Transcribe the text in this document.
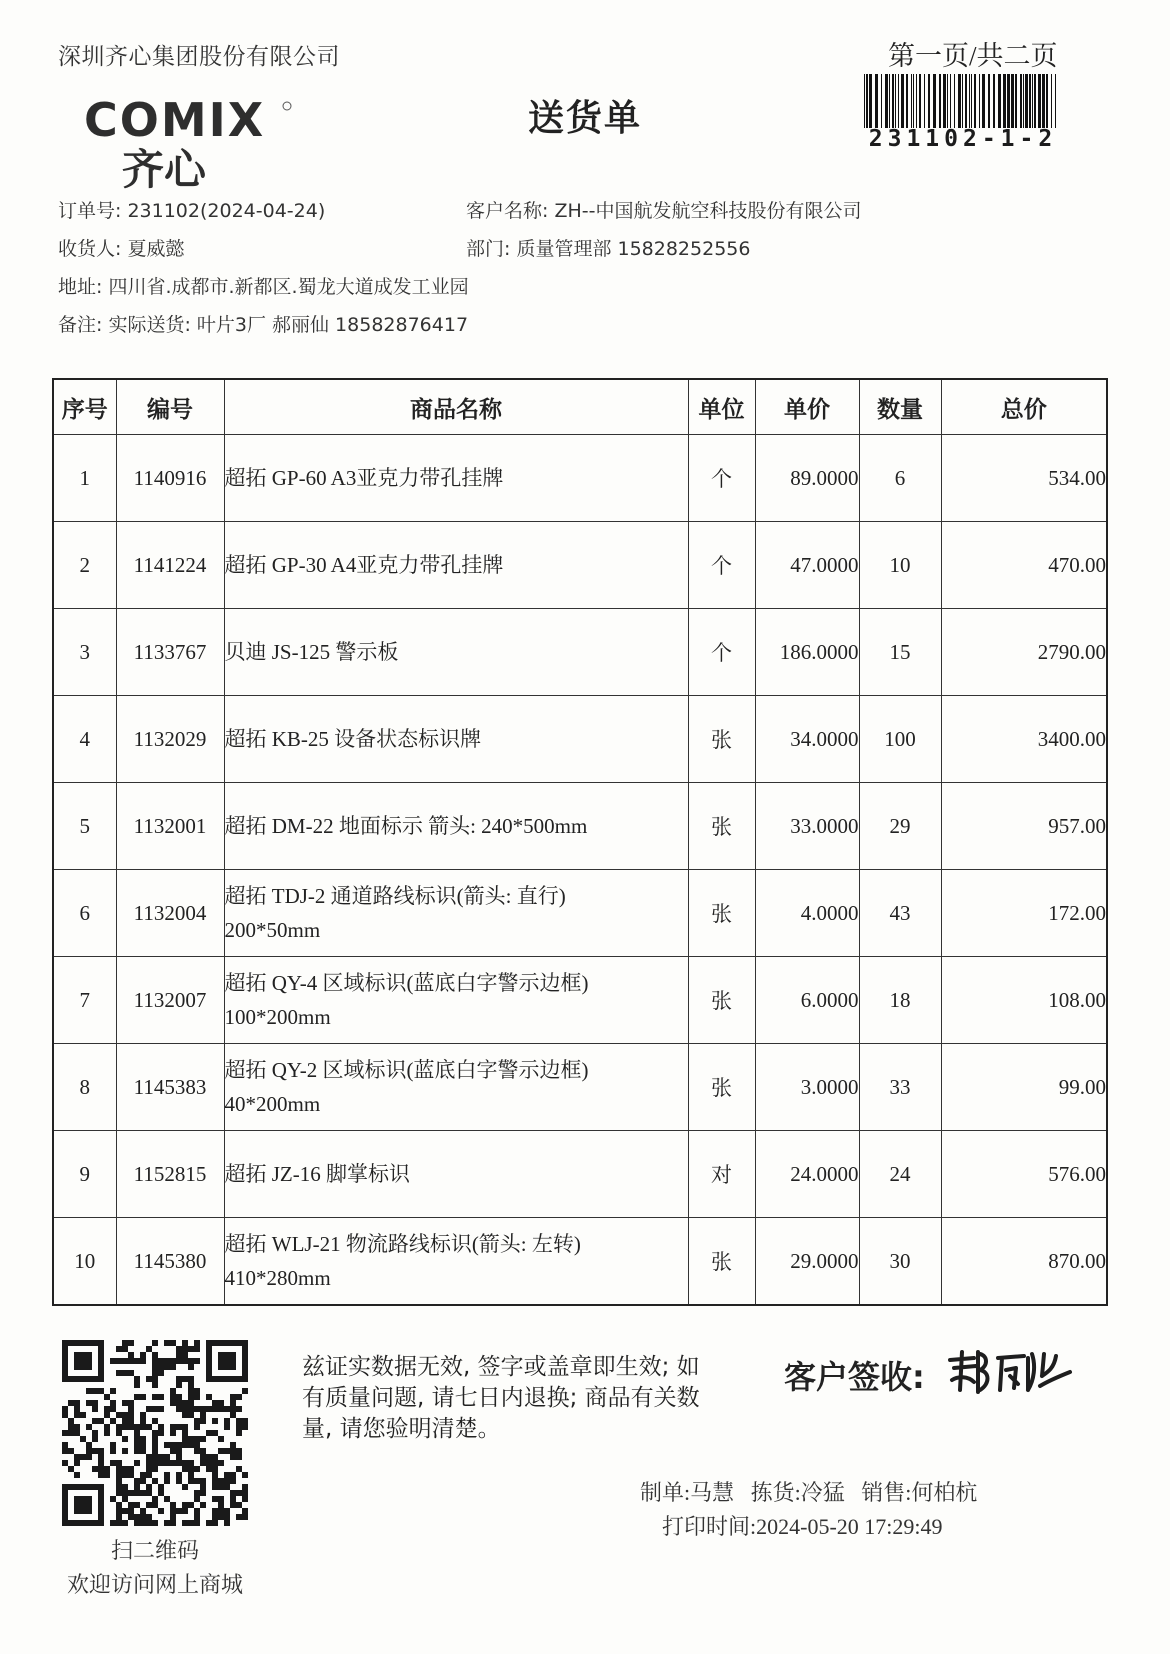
深圳齐心集团股份有限公司	第一页/共二页
COMIX
齐心
送货单	231102-1-2
订单号: 231102(2024-04-24)	客户名称: ZH--中国航发航空科技股份有限公司
收货人: 夏威懿	部门: 质量管理部 15828252556
地址: 四川省.成都市.新都区.蜀龙大道成发工业园
备注: 实际送货: 叶片3厂 郝丽仙 18582876417
序号	编号	商品名称	单位	单价	数量	总价
1	1140916	超拓 GP-60 A3亚克力带孔挂牌	个	89.0000	6	534.00
2	1141224	超拓 GP-30 A4亚克力带孔挂牌	个	47.0000	10	470.00
3	1133767	贝迪 JS-125 警示板	个	186.0000	15	2790.00
4	1132029	超拓 KB-25 设备状态标识牌	张	34.0000	100	3400.00
5	1132001	超拓 DM-22 地面标示 箭头: 240*500mm	张	33.0000	29	957.00
6	1132004	超拓 TDJ-2 通道路线标识(箭头: 直行)
200*50mm	张	4.0000	43	172.00
7	1132007	超拓 QY-4 区域标识(蓝底白字警示边框)
100*200mm	张	6.0000	18	108.00
8	1145383	超拓 QY-2 区域标识(蓝底白字警示边框)
40*200mm	张	3.0000	33	99.00
9	1152815	超拓 JZ-16 脚掌标识	对	24.0000	24	576.00
10	1145380	超拓 WLJ-21 物流路线标识(箭头: 左转)
410*280mm	张	29.0000	30	870.00
扫二维码
欢迎访问网上商城
兹证实数据无效, 签字或盖章即生效; 如有质量问题, 请七日内退换; 商品有关数量, 请您验明清楚。
客户签收:
制单:马慧 拣货:冷猛 销售:何柏杭
打印时间:2024-05-20 17:29:49
